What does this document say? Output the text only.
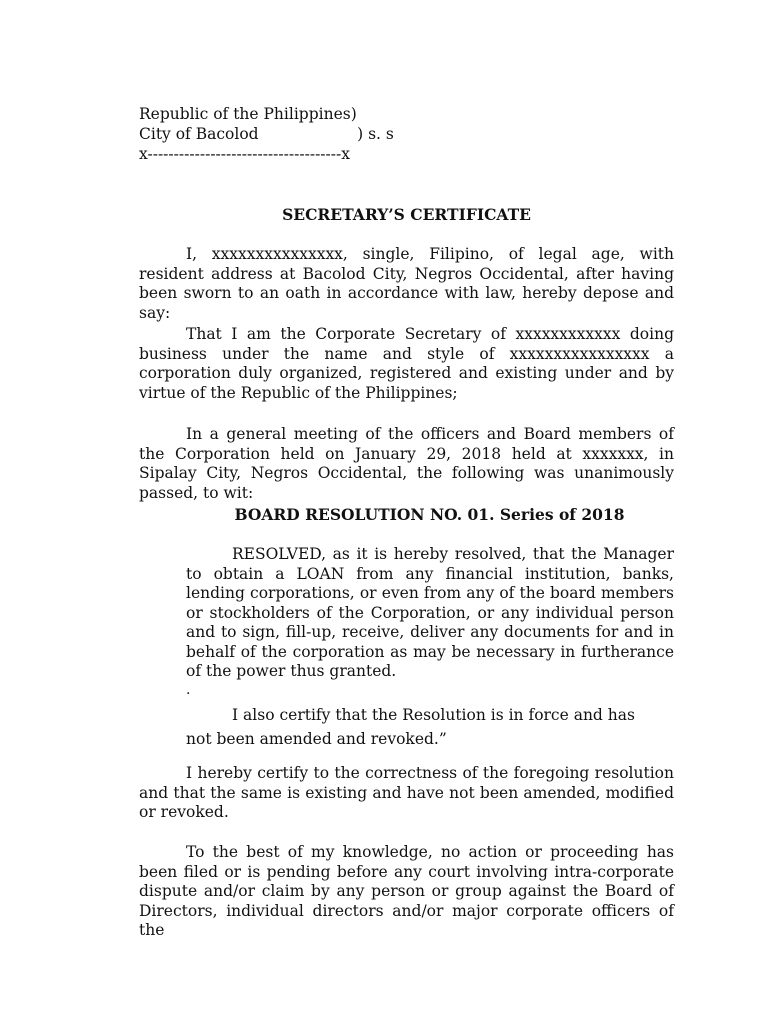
Republic of the Philippines)
City of Bacolod                    ) s. s
x-------------------------------------x
SECRETARY’S CERTIFICATE
I, xxxxxxxxxxxxxxx, single, Filipino, of legal age, with resident address at Bacolod City, Negros Occidental, after having been sworn to an oath in accordance with law, hereby depose and say:
That I am the Corporate Secretary of xxxxxxxxxxxx doing business under the name and style of xxxxxxxxxxxxxxxx a corporation duly organized, registered and existing under and by virtue of the Republic of the Philippines;
In a general meeting of the officers and Board members of the Corporation held on January 29, 2018 held at xxxxxxx, in Sipalay City, Negros Occidental, the following was unanimously passed, to wit:
BOARD RESOLUTION NO. 01. Series of 2018
RESOLVED, as it is hereby resolved, that the Manager to obtain a LOAN from any financial institution, banks, lending corporations, or even from any of the board members or stockholders of the Corporation, or any individual person and to sign, fill-up, receive, deliver any documents for and in behalf of the corporation as may be necessary in furtherance of the power thus granted.
.
I also certify that the Resolution is in force and has
not been amended and revoked.”
I hereby certify to the correctness of the foregoing resolution and that the same is existing and have not been amended, modified or revoked.
To the best of my knowledge, no action or proceeding has been filed or is pending before any court involving intra-corporate dispute and/or claim by any person or group against the Board of Directors, individual directors and/or major corporate officers of the
